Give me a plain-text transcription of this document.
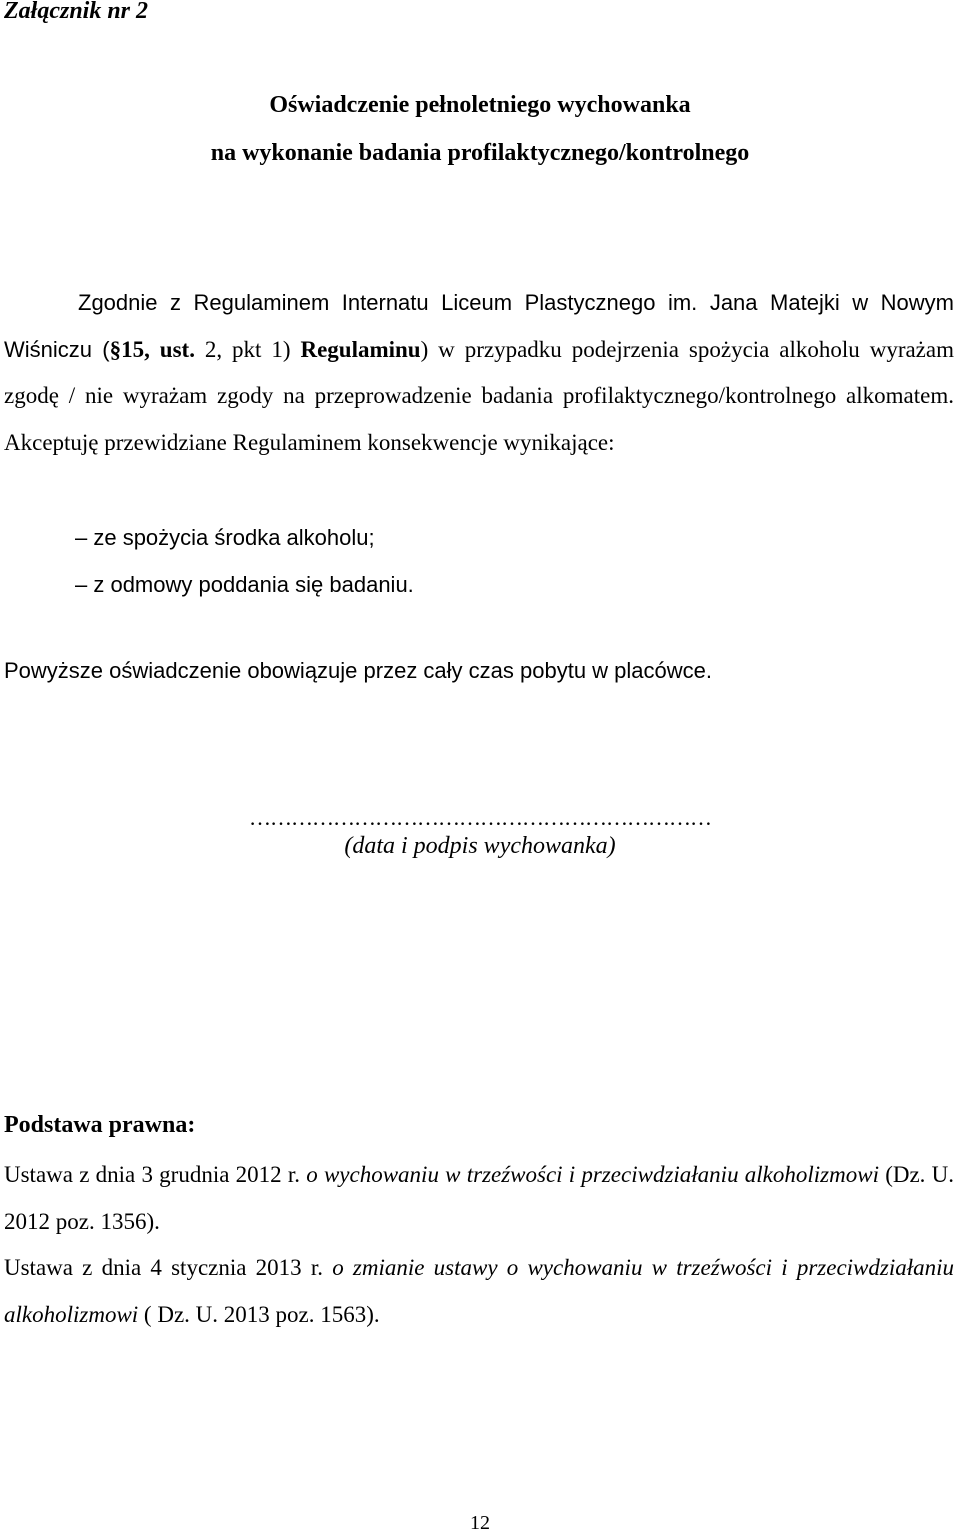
Załącznik nr 2

Oświadczenie pełnoletniego wychowanka

na wykonanie badania profilaktycznego/kontrolnego

Zgodnie z Regulaminem Internatu Liceum Plastycznego im. Jana Matejki w Nowym Wiśniczu (§15, ust. 2, pkt 1) Regulaminu) w przypadku podejrzenia spożycia alkoholu wyrażam zgodę / nie wyrażam zgody na przeprowadzenie badania profilaktycznego/kontrolnego alkomatem. Akceptuję przewidziane Regulaminem konsekwencje wynikające:

– ze spożycia środka alkoholu;
– z odmowy poddania się badaniu.

Powyższe oświadczenie obowiązuje przez cały czas pobytu w placówce.

…………………………………………………………

(data i podpis wychowanka)

Podstawa prawna:

Ustawa z dnia 3 grudnia 2012 r. o wychowaniu w trzeźwości i przeciwdziałaniu alkoholizmowi (Dz. U. 2012 poz. 1356).

Ustawa z dnia 4 stycznia 2013 r. o zmianie ustawy o wychowaniu w trzeźwości i przeciwdziałaniu alkoholizmowi ( Dz. U. 2013 poz. 1563).

12
